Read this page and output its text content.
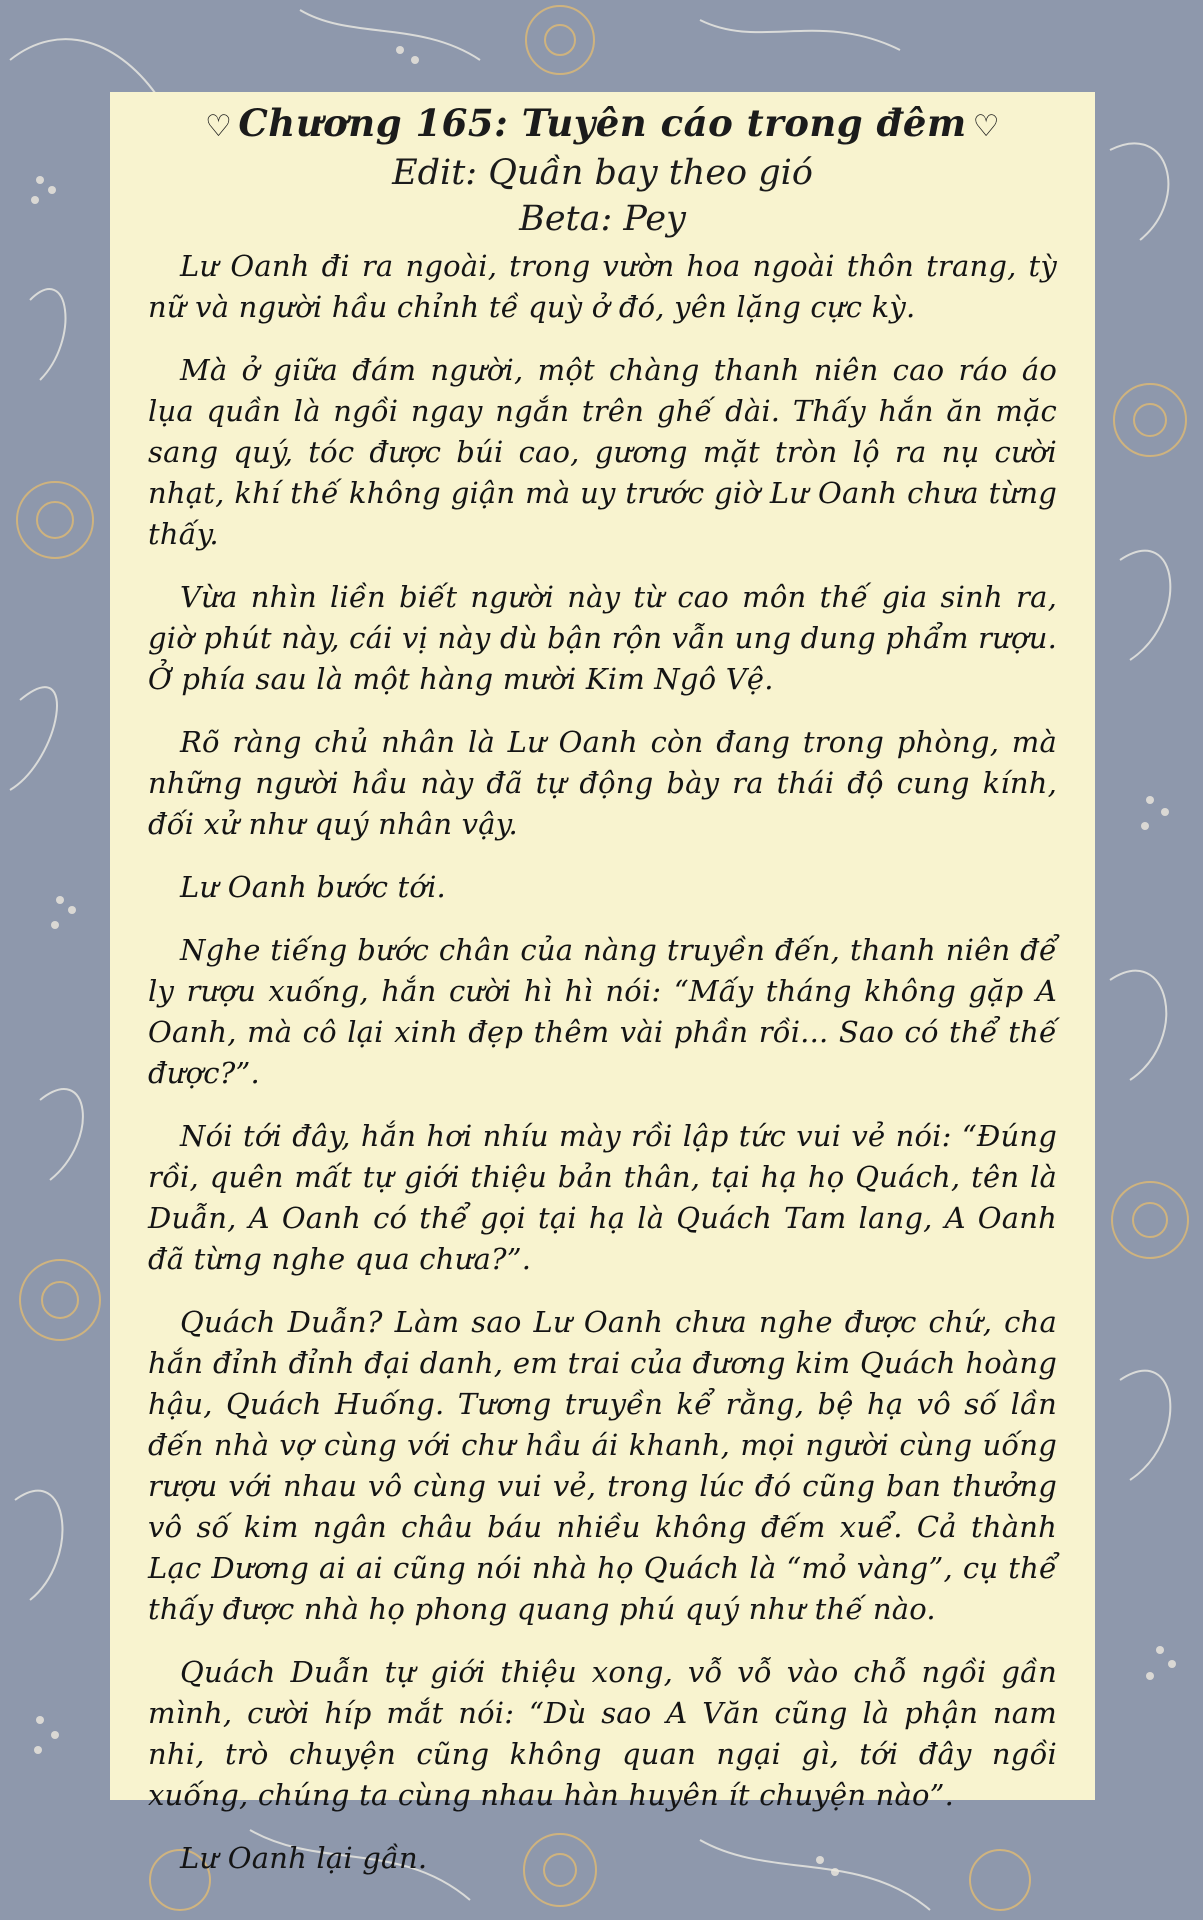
♡ Chương 165: Tuyên cáo trong đêm ♡
Edit: Quần bay theo gió
Beta: Pey

Lư Oanh đi ra ngoài, trong vườn hoa ngoài thôn trang, tỳ nữ và người hầu chỉnh tề quỳ ở đó, yên lặng cực kỳ.

Mà ở giữa đám người, một chàng thanh niên cao ráo áo lụa quần là ngồi ngay ngắn trên ghế dài. Thấy hắn ăn mặc sang quý, tóc được búi cao, gương mặt tròn lộ ra nụ cười nhạt, khí thế không giận mà uy trước giờ Lư Oanh chưa từng thấy.

Vừa nhìn liền biết người này từ cao môn thế gia sinh ra, giờ phút này, cái vị này dù bận rộn vẫn ung dung phẩm rượu. Ở phía sau là một hàng mười Kim Ngô Vệ.

Rõ ràng chủ nhân là Lư Oanh còn đang trong phòng, mà những người hầu này đã tự động bày ra thái độ cung kính, đối xử như quý nhân vậy.

Lư Oanh bước tới.

Nghe tiếng bước chân của nàng truyền đến, thanh niên để ly rượu xuống, hắn cười hì hì nói: “Mấy tháng không gặp A Oanh, mà cô lại xinh đẹp thêm vài phần rồi... Sao có thể thế được?”.

Nói tới đây, hắn hơi nhíu mày rồi lập tức vui vẻ nói: “Đúng rồi, quên mất tự giới thiệu bản thân, tại hạ họ Quách, tên là Duẫn, A Oanh có thể gọi tại hạ là Quách Tam lang, A Oanh đã từng nghe qua chưa?”.

Quách Duẫn? Làm sao Lư Oanh chưa nghe được chứ, cha hắn đỉnh đỉnh đại danh, em trai của đương kim Quách hoàng hậu, Quách Huống. Tương truyền kể rằng, bệ hạ vô số lần đến nhà vợ cùng với chư hầu ái khanh, mọi người cùng uống rượu với nhau vô cùng vui vẻ, trong lúc đó cũng ban thưởng vô số kim ngân châu báu nhiều không đếm xuể. Cả thành Lạc Dương ai ai cũng nói nhà họ Quách là “mỏ vàng”, cụ thể thấy được nhà họ phong quang phú quý như thế nào.

Quách Duẫn tự giới thiệu xong, vỗ vỗ vào chỗ ngồi gần mình, cười híp mắt nói: “Dù sao A Văn cũng là phận nam nhi, trò chuyện cũng không quan ngại gì, tới đây ngồi xuống, chúng ta cùng nhau hàn huyên ít chuyện nào”.

Lư Oanh lại gần.
